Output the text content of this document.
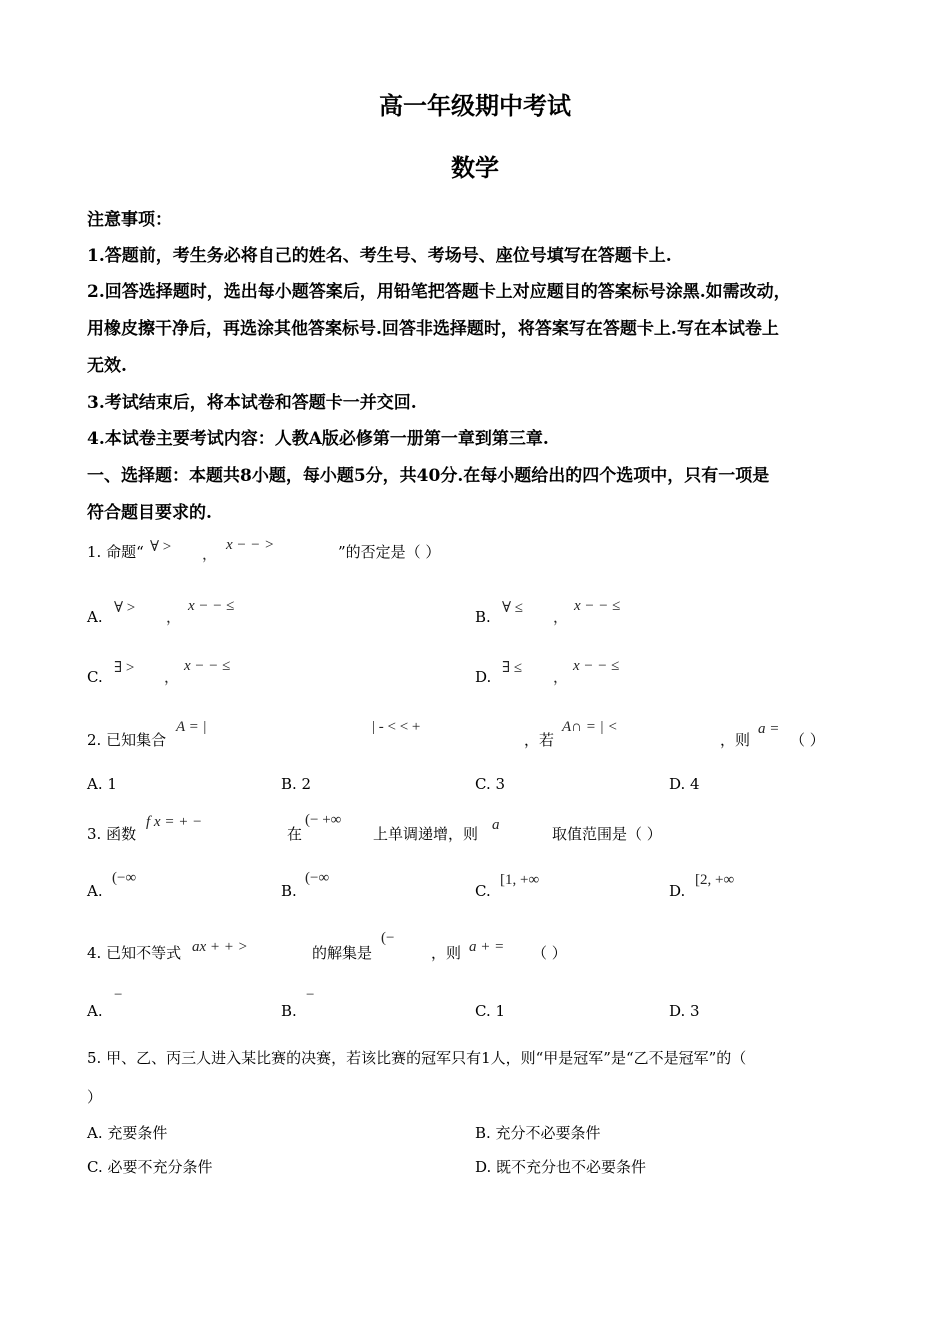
高一年级期中考试
数学
注意事项：
1.答题前，考生务必将自己的姓名、考生号、考场号、座位号填写在答题卡上.
2.回答选择题时，选出每小题答案后，用铅笔把答题卡上对应题目的答案标号涂黑.如需改动，
用橡皮擦干净后，再选涂其他答案标号.回答非选择题时，将答案写在答题卡上.写在本试卷上
无效.
3.考试结束后，将本试卷和答题卡一并交回.
4.本试卷主要考试内容：人教A版必修第一册第一章到第三章.
一、选择题：本题共8小题，每小题5分，共40分.在每小题给出的四个选项中，只有一项是
符合题目要求的.
1. 命题“ ∀ > ，
x − − >	”的否定是（ ）
A. ∀ >
，
x − − ≤
B. ∀ ≤
，
x − − ≤
C. ∃ >
，
x − − ≤
D. ∃ ≤
，
x − − ≤
2. 已知集合
A = |	| - < < +
，若
A∩ = | <
，则
a =
（ ）
A. 1	B. 2	C. 3	D. 4
3. 函数
f x = + −
在
(− +∞
上单调递增，则 a	取值范围是（ ）
A.
(−∞
B.
(−∞
C.
[1, +∞
D.
[2, +∞
4. 已知不等式 ax + + >	的解集是
(−
，则 a + = （ ）
A.
−
B.
−
C. 1	D. 3
5. 甲、乙、丙三人进入某比赛的决赛，若该比赛的冠军只有1人，则“甲是冠军”是“乙不是冠军”的（
）
A. 充要条件	B. 充分不必要条件
C. 必要不充分条件	D. 既不充分也不必要条件
